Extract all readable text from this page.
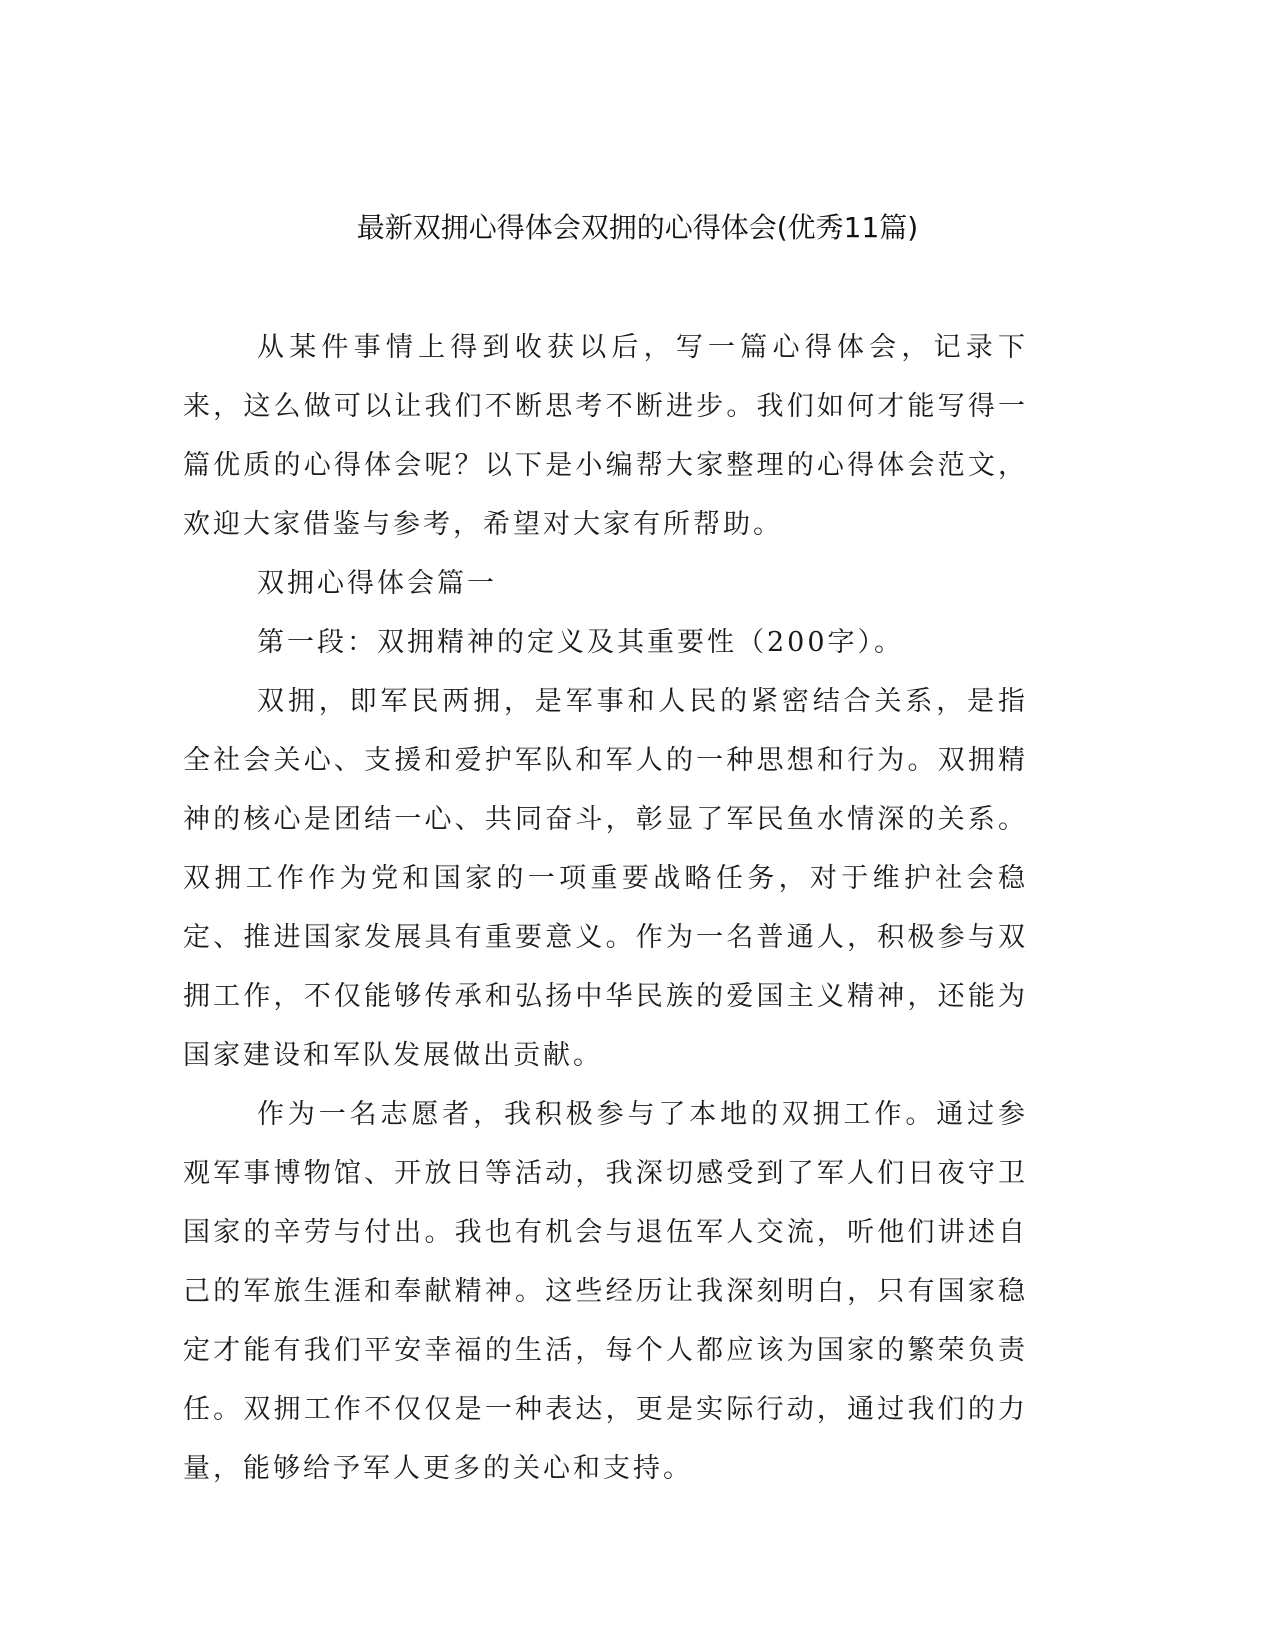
最新双拥心得体会双拥的心得体会(优秀11篇)

从某件事情上得到收获以后，写一篇心得体会，记录下来，这么做可以让我们不断思考不断进步。我们如何才能写得一篇优质的心得体会呢？以下是小编帮大家整理的心得体会范文，欢迎大家借鉴与参考，希望对大家有所帮助。

双拥心得体会篇一

第一段：双拥精神的定义及其重要性（200字）。

双拥，即军民两拥，是军事和人民的紧密结合关系，是指全社会关心、支援和爱护军队和军人的一种思想和行为。双拥精神的核心是团结一心、共同奋斗，彰显了军民鱼水情深的关系。双拥工作作为党和国家的一项重要战略任务，对于维护社会稳定、推进国家发展具有重要意义。作为一名普通人，积极参与双拥工作，不仅能够传承和弘扬中华民族的爱国主义精神，还能为国家建设和军队发展做出贡献。

作为一名志愿者，我积极参与了本地的双拥工作。通过参观军事博物馆、开放日等活动，我深切感受到了军人们日夜守卫国家的辛劳与付出。我也有机会与退伍军人交流，听他们讲述自己的军旅生涯和奉献精神。这些经历让我深刻明白，只有国家稳定才能有我们平安幸福的生活，每个人都应该为国家的繁荣负责任。双拥工作不仅仅是一种表达，更是实际行动，通过我们的力量，能够给予军人更多的关心和支持。
